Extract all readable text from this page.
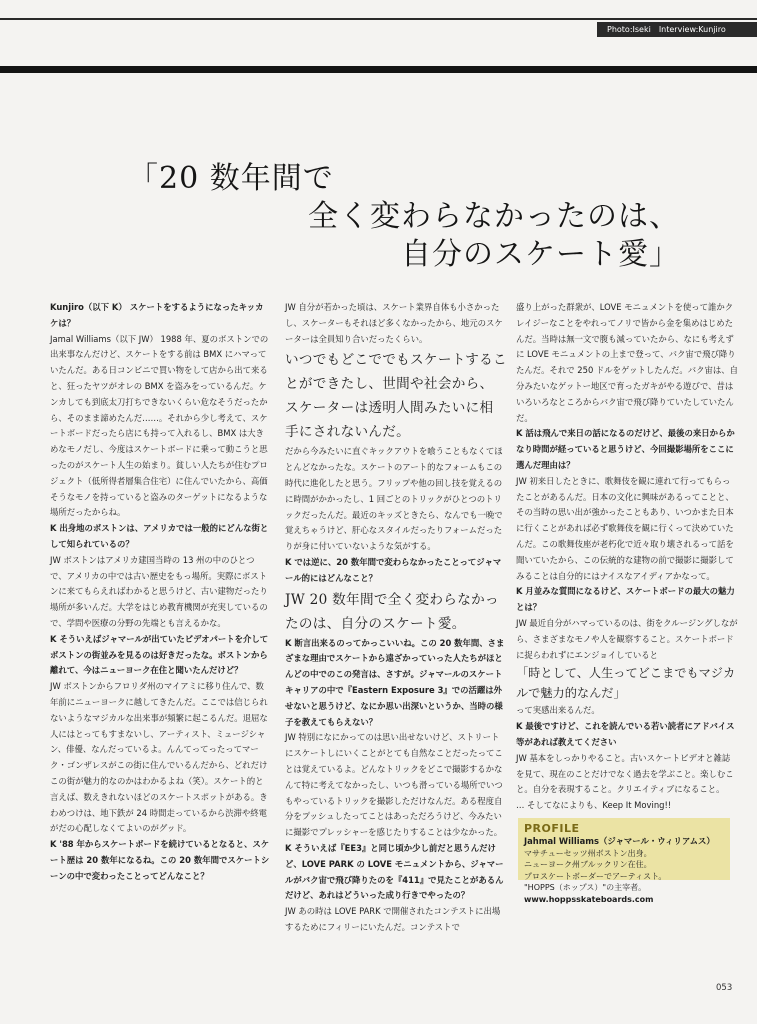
Photo:Iseki　Interview:Kunjiro
「20 数年間で
全く変わらなかったのは、
自分のスケート愛」

Kunjiro（以下 K） スケートをするようになったキッカケは？

Jamal Williams（以下 JW） 1988 年、夏のボストンでの出来事なんだけど、スケートをする前は BMX にハマっていたんだ。ある日コンビニで買い物をして店から出て来ると、狂ったヤツがオレの BMX を盗みをっているんだ。ケンカしても到底太刀打ちできないくらい危なそうだったから、そのまま諦めたんだ……。それから少し考えて、スケートボードだったら店にも持って入れるし、BMX は大きめなモノだし、今度はスケートボードに乗って動こうと思ったのがスケート人生の始まり。貧しい人たちが住むプロジェクト（低所得者層集合住宅）に住んでいたから、高価そうなモノを持っていると盗みのターゲットになるような場所だったからね。

K 出身地のボストンは、アメリカでは一般的にどんな街として知られているの？

JW ボストンはアメリカ建国当時の 13 州の中のひとつで、アメリカの中では古い歴史をもっ場所。実際にボストンに来てもらえればわかると思うけど、古い建物だったり場所が多いんだ。大学をはじめ教育機関が充実しているので、学問や医療の分野の先端とも言えるかな。

K そういえばジャマールが出ていたビデオパートを介してボストンの街並みを見るのは好きだったな。ボストンから離れて、今はニューヨーク在住と聞いたんだけど？

JW ボストンからフロリダ州のマイアミに移り住んで、数年前にニューヨークに越してきたんだ。ここでは信じられないようなマジカルな出来事が頻繁に起こるんだ。退屈な人にはとってもすまないし、アーティスト、ミュージシャン、俳優、なんだっているよ。んんてってったってマーク・ゴンザレスがこの街に住んでいるんだから、どれだけこの街が魅力的なのかはわかるよね（笑）。スケート的と言えば、数えきれないほどのスケートスポットがある。きわめつけは、地下鉄が 24 時間走っているから渋滞や終電がだの心配しなくてよいのがグッド。

K '88 年からスケートボードを続けているとなると、スケート歴は 20 数年になるね。この 20 数年間でスケートシーンの中で変わったことってどんなこと？

JW 自分が若かった頃は、スケート業界自体も小さかったし、スケーターもそれほど多くなかったから、地元のスケーターは全員知り合いだったくらい。

いつでもどこででもスケートすることができたし、世間や社会から、スケーターは透明人間みたいに相手にされないんだ。

だから今みたいに直ぐキックアウトを喰うこともなくてほとんどなかったな。スケートのアート的なフォームもこの時代に進化したと思う。フリップや他の回し技を覚えるのに時間がかかったし、1 回ごとのトリックがひとつのトリックだったんだ。最近のキッズときたら、なんでも一晩で覚えちゃうけど、肝心なスタイルだったりフォームだったりが身に付いていないような気がする。

K では逆に、20 数年間で変わらなかったことってジャマール的にはどんなこと？

JW 20 数年間で全く変わらなかったのは、自分のスケート愛。

K 断言出来るのってかっこいいね。この 20 数年間、さまざまな理由でスケートから遠ざかっていった人たちがほとんどの中でのこの発言は、さすが。ジャマールのスケートキャリアの中で『Eastern Exposure 3』での活躍は外せないと思うけど、なにか思い出深いというか、当時の様子を教えてもらえない？

JW 特別になにかってのは思い出せないけど、ストリートにスケートしにいくことがとても自然なことだったってことは覚えているよ。どんなトリックをどこで撮影するかなんて特に考えてなかったし、いつも滑っている場所でいつもやっているトリックを撮影しただけなんだ。ある程度自分をプッシュしたってことはあっただろうけど、今みたいに撮影でプレッシャーを感じたりすることは少なかった。

K そういえば『EE3』と同じ頃か少し前だと思うんだけど、LOVE PARK の LOVE モニュメントから、ジャマールがバク宙で飛び降りたのを『411』で見たことがあるんだけど、あれはどういった成り行きでやったの？

JW あの時は LOVE PARK で開催されたコンテストに出場するためにフィリーにいたんだ。コンテストで

盛り上がった群衆が、LOVE モニュメントを使って誰かクレイジーなことをやれってノリで皆から金を集めはじめたんだ。当時は無一文で腹も減っていたから、なにも考えずに LOVE モニュメントの上まで登って、バク宙で飛び降りたんだ。それで 250 ドルをゲットしたんだ。バク宙は、自分みたいなゲットー地区で育ったガキがやる遊びで、昔はいろいろなところからバク宙で飛び降りていたしていたんだ。

K 話は飛んで来日の話になるのだけど、最後の来日からかなり時間が経っていると思うけど、今回撮影場所をここに選んだ理由は？

JW 初来日したときに、歌舞伎を観に連れて行ってもらったことがあるんだ。日本の文化に興味があるってことと、その当時の思い出が強かったこともあり、いつかまた日本に行くことがあれば必ず歌舞伎を観に行くって決めていたんだ。この歌舞伎座が老朽化で近々取り壊されるって話を聞いていたから、この伝統的な建物の前で撮影に撮影してみることは自分的にはナイスなアイディアかなって。

K 月並みな質問になるけど、スケートボードの最大の魅力とは？

JW 最近自分がハマっているのは、街をクルージングしながら、さまざまなモノや人を観察すること。スケートボードに捉らわれずにエンジョイしていると

「時として、人生ってどこまでもマジカルで魅力的なんだ」

って実感出来るんだ。

K 最後ですけど、これを読んでいる若い読者にアドバイス等があれば教えてください

JW 基本をしっかりやること。古いスケートビデオと雑誌を見て、現在のことだけでなく過去を学ぶこと。楽しむこと。自分を表現すること。クリエイティブになること。

… そしてなによりも、Keep It Moving!!

PROFILE
Jahmal Williams（ジャマール・ウィリアムス）
マサチューセッツ州ボストン出身。
ニューヨーク州ブルックリン在住。
プロスケートボーダーでアーティスト。
"HOPPS（ホップス）"の主宰者。
www.hoppsskateboards.com
053
